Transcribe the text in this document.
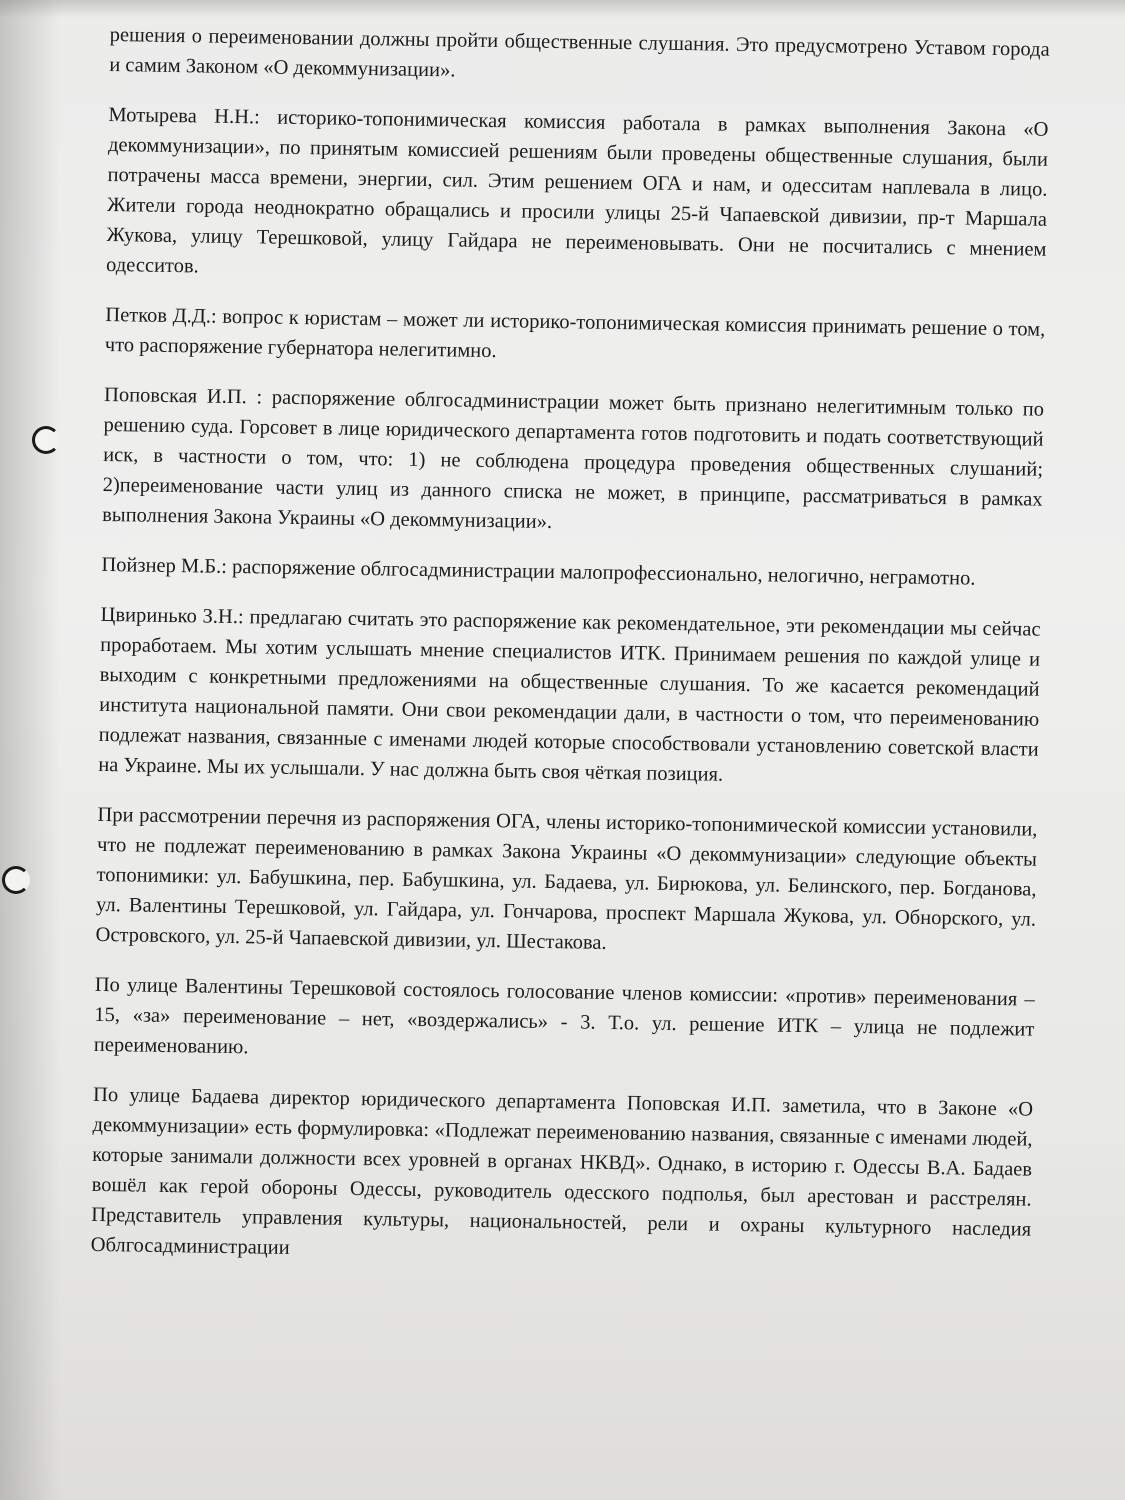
решения о переименовании должны пройти общественные слушания. Это предусмотрено Уставом города и самим Законом «О декоммунизации».

Мотырева Н.Н.: историко-топонимическая комиссия работала в рамках выполнения Закона «О декоммунизации», по принятым комиссией решениям были проведены общественные слушания, были потрачены масса времени, энергии, сил. Этим решением ОГА и нам, и одесситам наплевала в лицо. Жители города неоднократно обращались и просили улицы 25-й Чапаевской дивизии, пр-т Маршала Жукова, улицу Терешковой, улицу Гайдара не переименовывать. Они не посчитались с мнением одесситов.

Петков Д.Д.: вопрос к юристам – может ли историко-топонимическая комиссия принимать решение о том, что распоряжение губернатора нелегитимно.

Поповская И.П. : распоряжение облгосадминистрации может быть признано нелегитимным только по решению суда. Горсовет в лице юридического департамента готов подготовить и подать соответствующий иск, в частности о том, что: 1) не соблюдена процедура проведения общественных слушаний; 2)переименование части улиц из данного списка не может, в принципе, рассматриваться в рамках выполнения Закона Украины «О декоммунизации».

Пойзнер М.Б.: распоряжение облгосадминистрации малопрофессионально, нелогично, неграмотно.

Цвиринько З.Н.: предлагаю считать это распоряжение как рекомендательное, эти рекомендации мы сейчас проработаем. Мы хотим услышать мнение специалистов ИТК. Принимаем решения по каждой улице и выходим с конкретными предложениями на общественные слушания. То же касается рекомендаций института национальной памяти. Они свои рекомендации дали, в частности о том, что переименованию подлежат названия, связанные с именами людей которые способствовали установлению советской власти на Украине. Мы их услышали. У нас должна быть своя чёткая позиция.

При рассмотрении перечня из распоряжения ОГА, члены историко-топонимической комиссии установили, что не подлежат переименованию в рамках Закона Украины «О декоммунизации» следующие объекты топонимики: ул. Бабушкина, пер. Бабушкина, ул. Бадаева, ул. Бирюкова, ул. Белинского, пер. Богданова, ул. Валентины Терешковой, ул. Гайдара, ул. Гончарова, проспект Маршала Жукова, ул. Обнорского, ул. Островского, ул. 25-й Чапаевской дивизии, ул. Шестакова.

По улице Валентины Терешковой состоялось голосование членов комиссии: «против» переименования – 15, «за» переименование – нет, «воздержались» - 3. Т.о. ул. решение ИТК – улица не подлежит переименованию.

По улице Бадаева директор юридического департамента Поповская И.П. заметила, что в Законе «О декоммунизации» есть формулировка: «Подлежат переименованию названия, связанные с именами людей, которые занимали должности всех уровней в органах НКВД». Однако, в историю г. Одессы В.А. Бадаев вошёл как герой обороны Одессы, руководитель одесского подполья, был арестован и расстрелян. Представитель управления культуры, национальностей, рели и охраны культурного наследия Облгосадминистрации
